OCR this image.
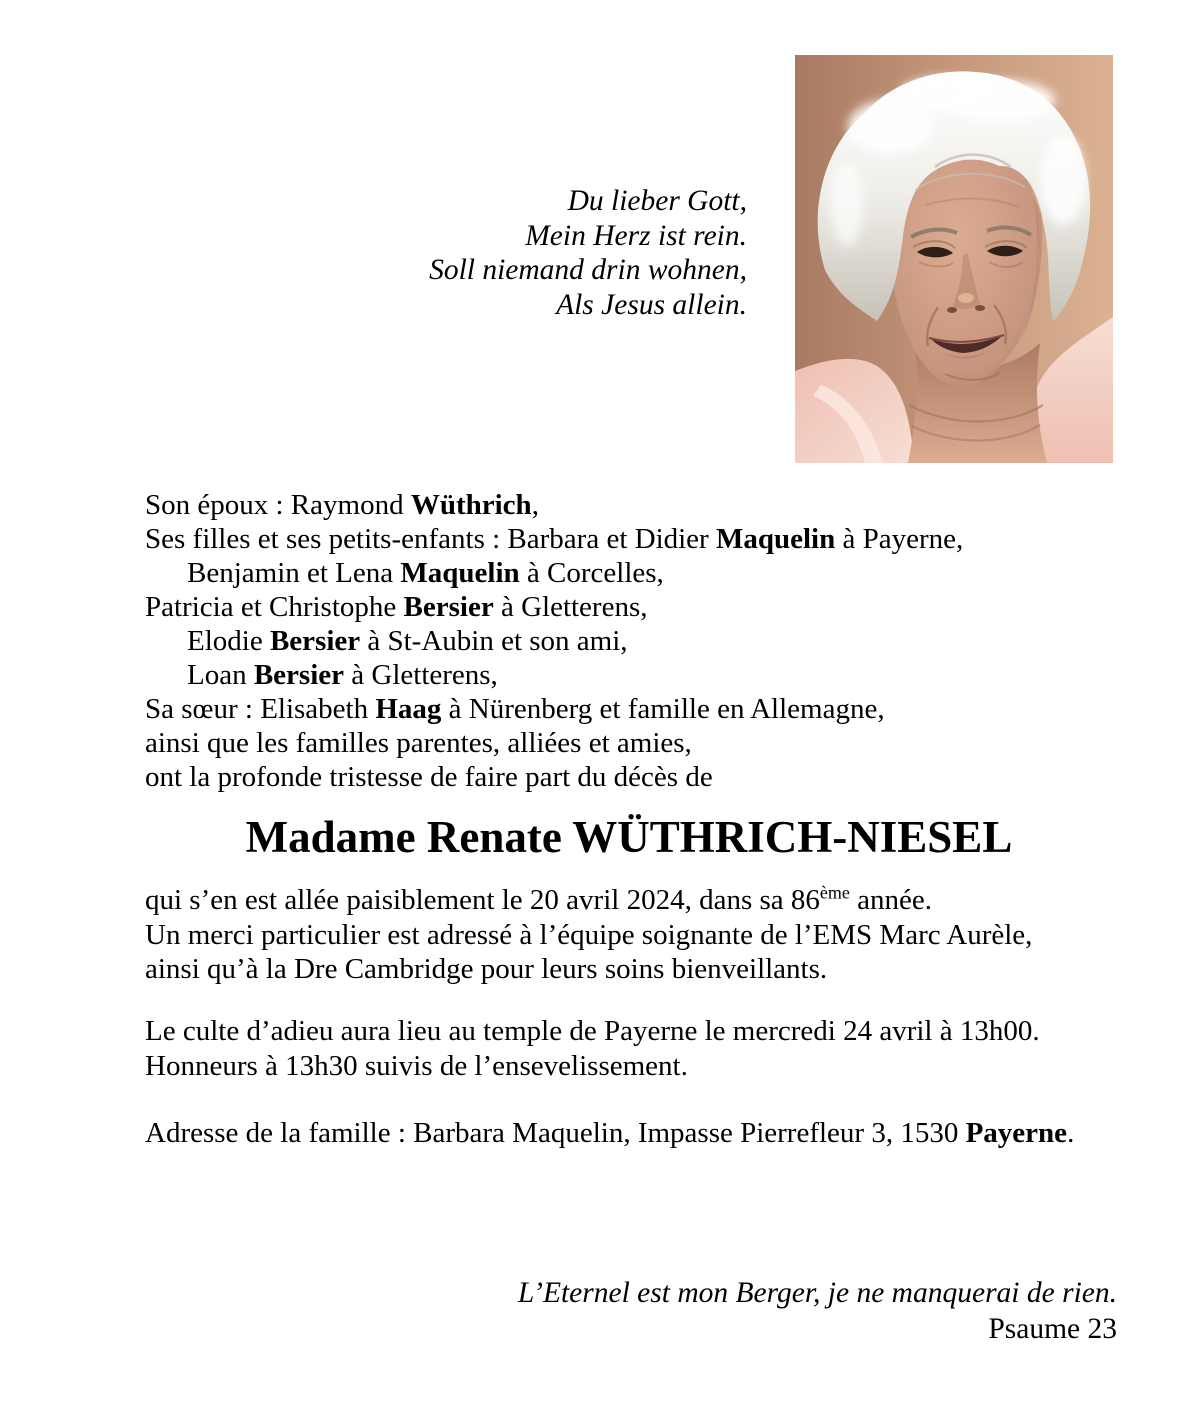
Du lieber Gott,
Mein Herz ist rein.
Soll niemand drin wohnen,
Als Jesus allein.
Son époux : Raymond Wüthrich,
Ses filles et ses petits-enfants : Barbara et Didier Maquelin à Payerne,
Benjamin et Lena Maquelin à Corcelles,
Patricia et Christophe Bersier à Gletterens,
Elodie Bersier à St-Aubin et son ami,
Loan Bersier à Gletterens,
Sa sœur : Elisabeth Haag à Nürenberg et famille en Allemagne,
ainsi que les familles parentes, alliées et amies,
ont la profonde tristesse de faire part du décès de
Madame Renate WÜTHRICH-NIESEL
qui s’en est allée paisiblement le 20 avril 2024, dans sa 86ème année.
Un merci particulier est adressé à l’équipe soignante de l’EMS Marc Aurèle,
ainsi qu’à la Dre Cambridge pour leurs soins bienveillants.
Le culte d’adieu aura lieu au temple de Payerne le mercredi 24 avril à 13h00.
Honneurs à 13h30 suivis de l’ensevelissement.
Adresse de la famille : Barbara Maquelin, Impasse Pierrefleur 3, 1530 Payerne.
L’Eternel est mon Berger, je ne manquerai de rien.
Psaume 23
